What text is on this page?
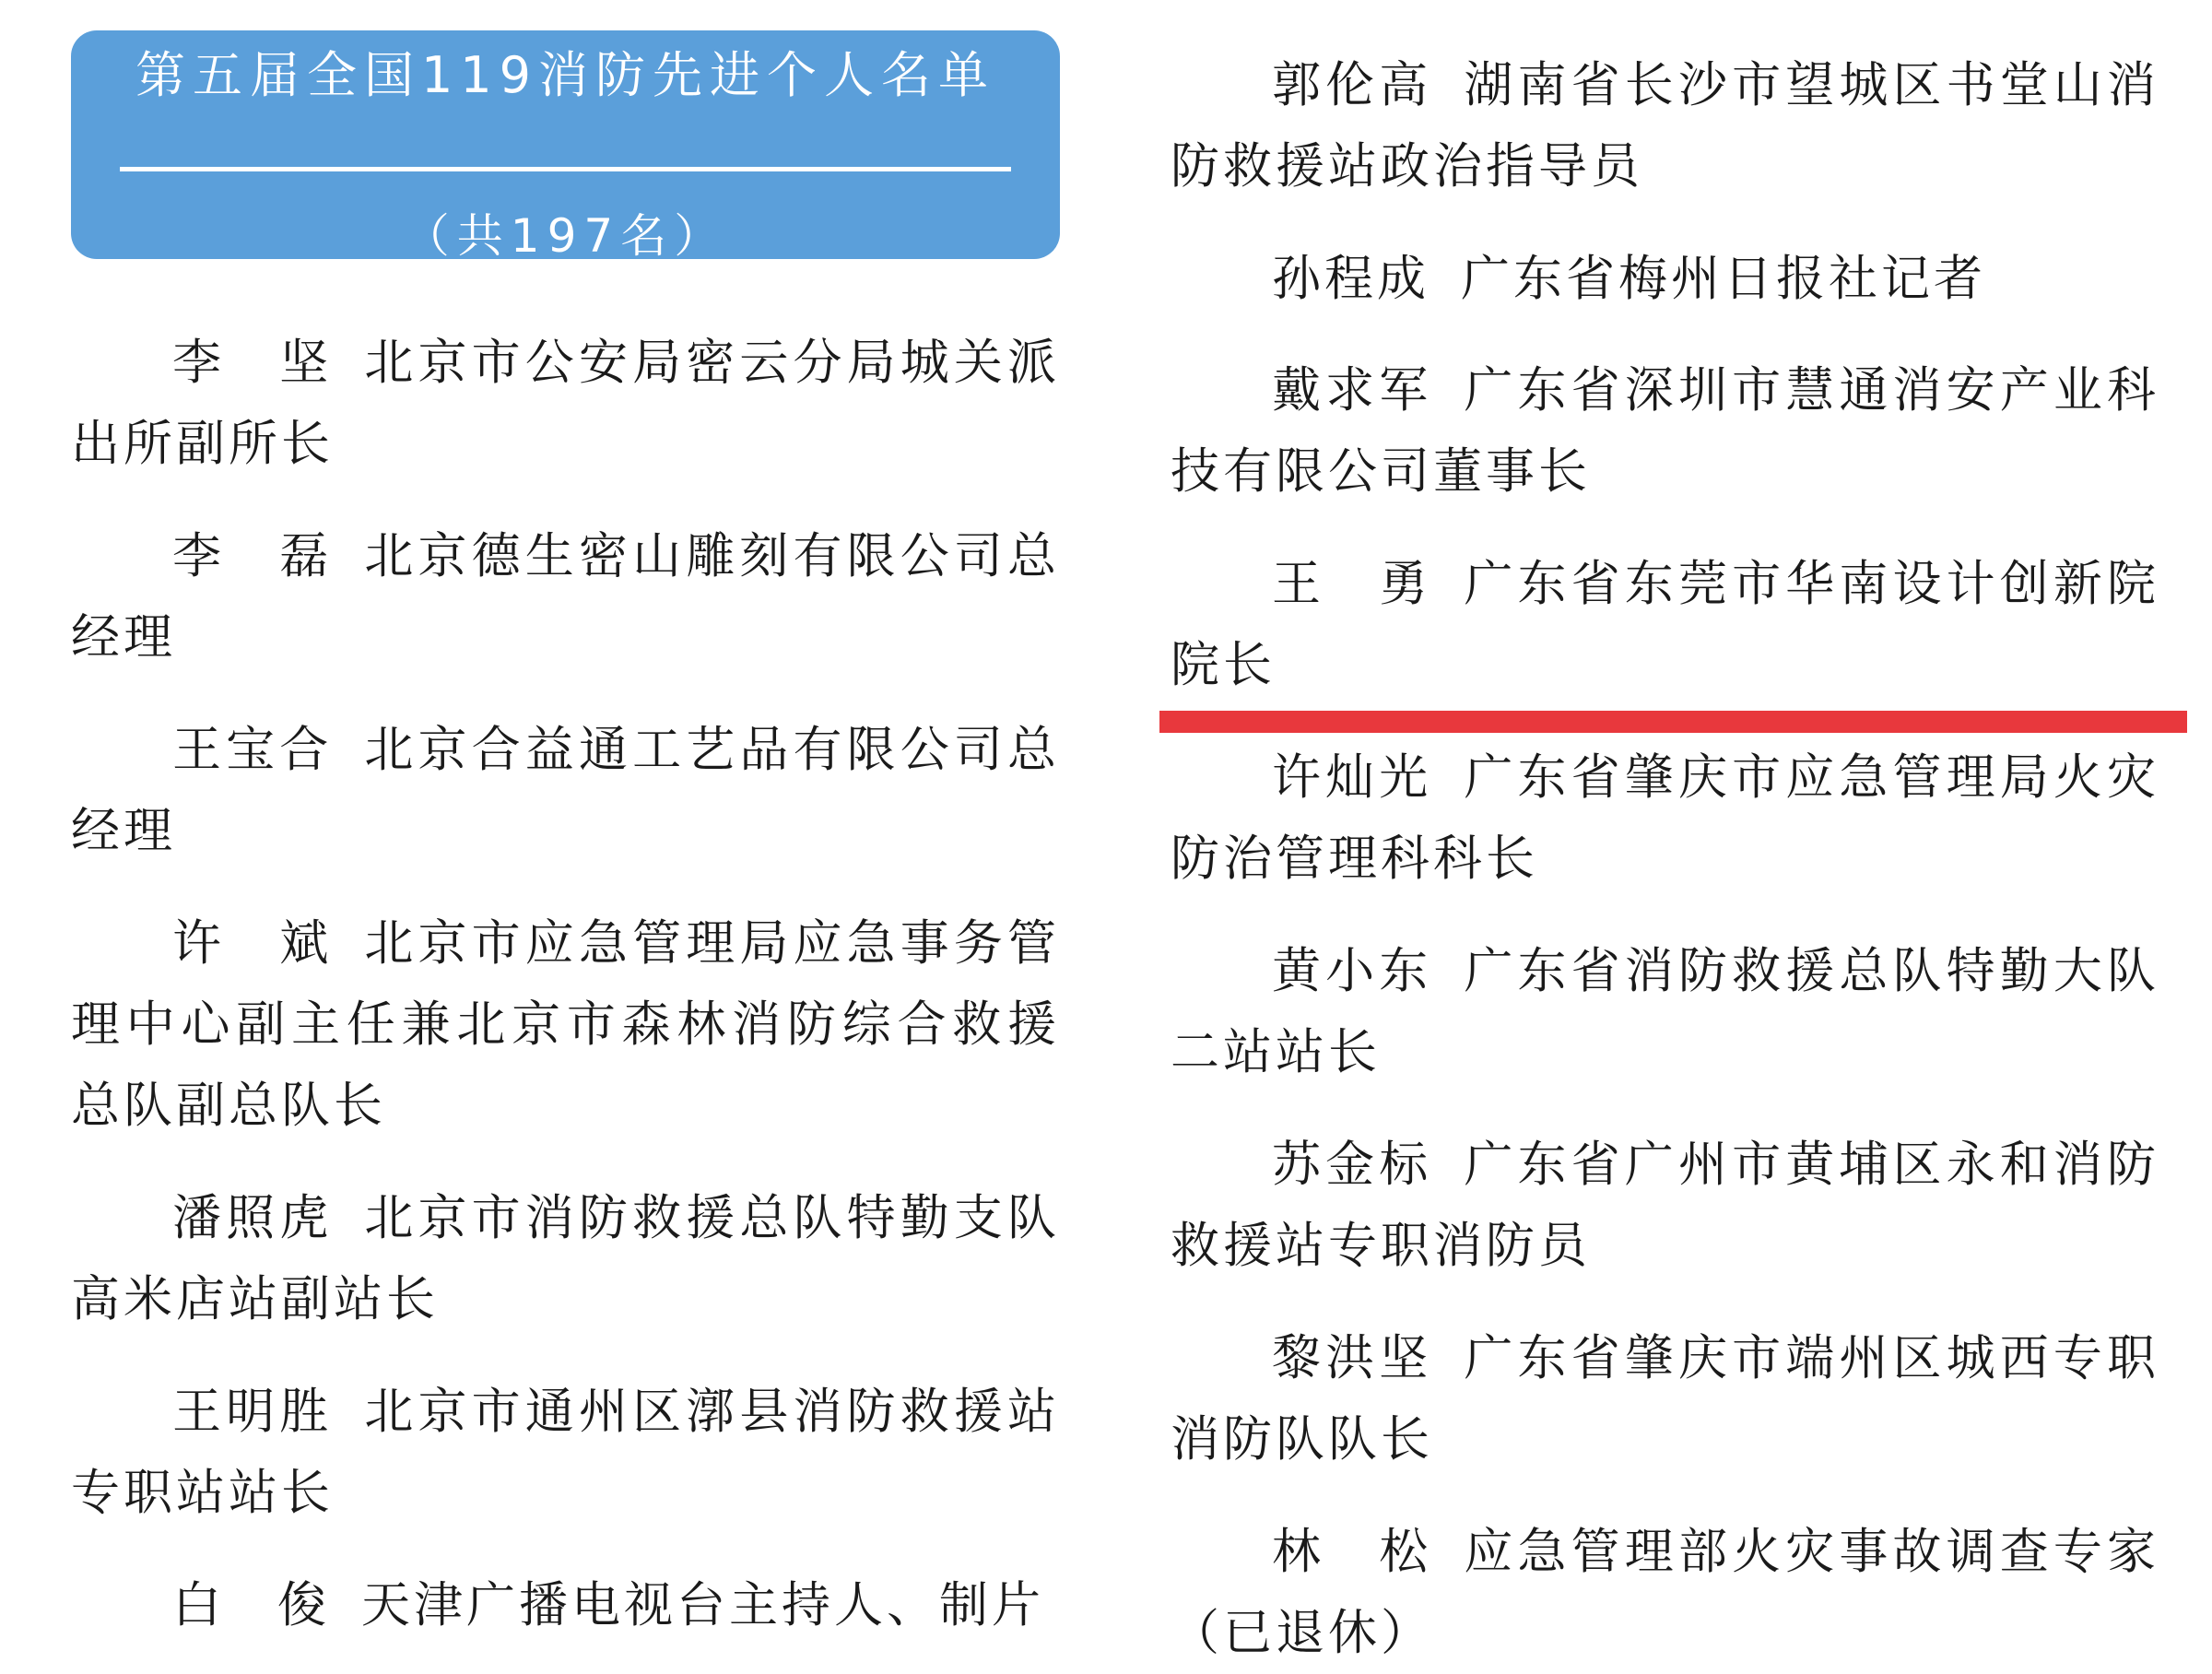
第五届全国119消防先进个人名单
（共197名）
李　坚 北京市公安局密云分局城关派出所副所长
李　磊 北京德生密山雕刻有限公司总经理
王宝合 北京合益通工艺品有限公司总经理
许　斌 北京市应急管理局应急事务管理中心副主任兼北京市森林消防综合救援总队副总队长
潘照虎 北京市消防救援总队特勤支队高米店站副站长
王明胜 北京市通州区漷县消防救援站专职站站长
白　俊 天津广播电视台主持人、制片
郭伦高 湖南省长沙市望城区书堂山消防救援站政治指导员
孙程成 广东省梅州日报社记者
戴求军 广东省深圳市慧通消安产业科技有限公司董事长
王　勇 广东省东莞市华南设计创新院院长
许灿光 广东省肇庆市应急管理局火灾防治管理科科长
黄小东 广东省消防救援总队特勤大队二站站长
苏金标 广东省广州市黄埔区永和消防救援站专职消防员
黎洪坚 广东省肇庆市端州区城西专职消防队队长
林　松 应急管理部火灾事故调查专家（已退休）
